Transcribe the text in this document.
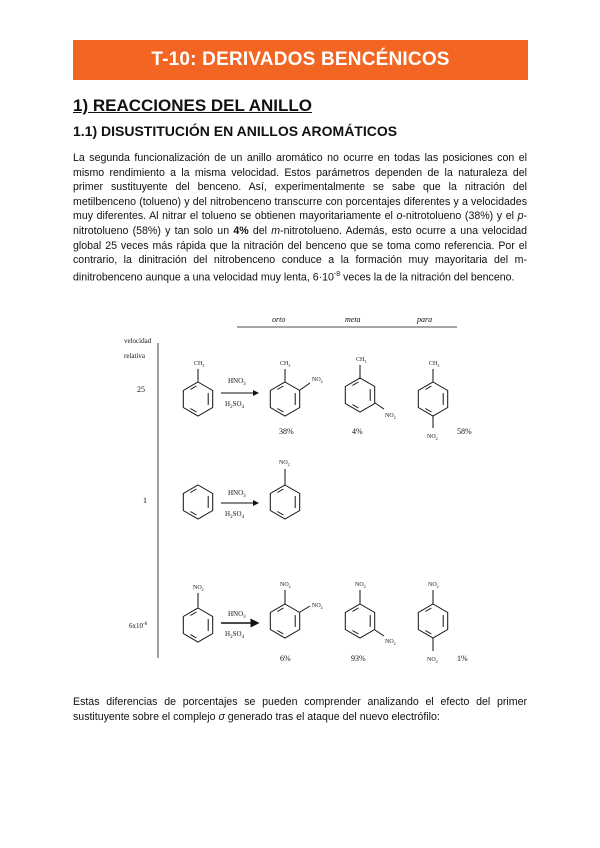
T-10: DERIVADOS BENCÉNICOS
1) REACCIONES DEL ANILLO
1.1) DISUSTITUCIÓN EN ANILLOS AROMÁTICOS

La segunda funcionalización de un anillo aromático no ocurre en todas las posiciones con el mismo rendimiento a la misma velocidad. Estos parámetros dependen de la naturaleza del primer sustituyente del benceno. Así, experimentalmente se sabe que la nitración del metilbenceno (tolueno) y del nitrobenceno transcurre con porcentajes diferentes y a velocidades muy diferentes. Al nitrar el tolueno se obtienen mayoritariamente el o-nitrotolueno (38%) y el p-nitrotolueno (58%) y tan solo un 4% del m-nitrotolueno. Además, esto ocurre a una velocidad global 25 veces más rápida que la nitración del benceno que se toma como referencia. Por el contrario, la dinitración del nitrobenceno conduce a la formación muy mayoritaria del m-dinitrobenceno aunque a una velocidad muy lenta, $6\cdot 10^{-8}$ veces la de la nitración del benceno.

orto	meta	para
velocidad
relativa
25
1
$6x10^{-8}$
$CH_3$
$HNO_3$
$H_2SO_4$
$CH_3$
$NO_2$
38%
$CH_3$
$NO_2$
4%
$CH_3$
$NO_2$
58%
$HNO_3$
$H_2SO_4$
$NO_2$
$NO_2$
$HNO_3$
$H_2SO_4$
$NO_2$
$NO_2$
6%
$NO_2$
$NO_2$
93%
$NO_2$
$NO_2$ 1%

Estas diferencias de porcentajes se pueden comprender analizando el efecto del primer sustituyente sobre el complejo σ generado tras el ataque del nuevo electrófilo:
